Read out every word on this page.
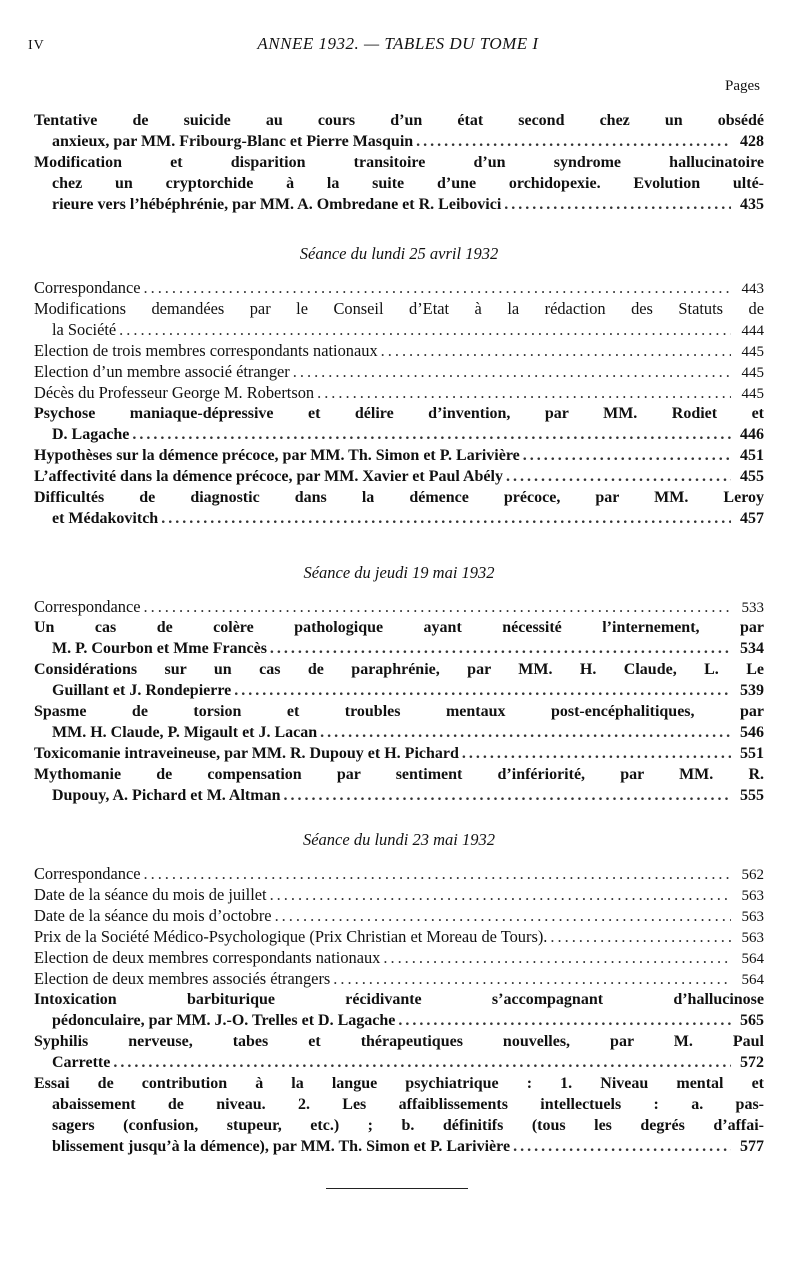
IV	ANNEE 1932. — TABLES DU TOME I
Pages
Tentative de suicide au cours d’un état second chez un obsédé
anxieux, par MM. Fribourg-Blanc et Pierre Masquin .....	428
Modification et disparition transitoire d’un syndrome hallucinatoire
chez un cryptorchide à la suite d’une orchidopexie. Evolution ulté-
rieure vers l’hébéphrénie, par MM. A. Ombredane et R. Leibovici .....	435
Séance du lundi 25 avril 1932
Correspondance .....	443
Modifications demandées par le Conseil d’Etat à la rédaction des Statuts de
la Société .....	444
Election de trois membres correspondants nationaux .....	445
Election d’un membre associé étranger .....	445
Décès du Professeur George M. Robertson .....	445
Psychose maniaque-dépressive et délire d’invention, par MM. Rodiet et
D. Lagache .....	446
Hypothèses sur la démence précoce, par MM. Th. Simon et P. Larivière .....	451
L’affectivité dans la démence précoce, par MM. Xavier et Paul Abély .....	455
Difficultés de diagnostic dans la démence précoce, par MM. Leroy
et Médakovitch .....	457
Séance du jeudi 19 mai 1932
Correspondance .....	533
Un cas de colère pathologique ayant nécessité l’internement, par
M. P. Courbon et Mme Francès .....	534
Considérations sur un cas de paraphrénie, par MM. H. Claude, L. Le
Guillant et J. Rondepierre .....	539
Spasme de torsion et troubles mentaux post-encéphalitiques, par
MM. H. Claude, P. Migault et J. Lacan .....	546
Toxicomanie intraveineuse, par MM. R. Dupouy et H. Pichard .....	551
Mythomanie de compensation par sentiment d’infériorité, par MM. R.
Dupouy, A. Pichard et M. Altman .....	555
Séance du lundi 23 mai 1932
Correspondance .....	562
Date de la séance du mois de juillet .....	563
Date de la séance du mois d’octobre .....	563
Prix de la Société Médico-Psychologique (Prix Christian et Moreau de Tours). .....	563
Election de deux membres correspondants nationaux .....	564
Election de deux membres associés étrangers .....	564
Intoxication barbiturique récidivante s’accompagnant d’hallucinose
pédonculaire, par MM. J.-O. Trelles et D. Lagache .....	565
Syphilis nerveuse, tabes et thérapeutiques nouvelles, par M. Paul
Carrette .....	572
Essai de contribution à la langue psychiatrique : 1. Niveau mental et
abaissement de niveau. 2. Les affaiblissements intellectuels : a. pas-
sagers (confusion, stupeur, etc.) ; b. définitifs (tous les degrés d’affai-
blissement jusqu’à la démence), par MM. Th. Simon et P. Larivière .....	577
